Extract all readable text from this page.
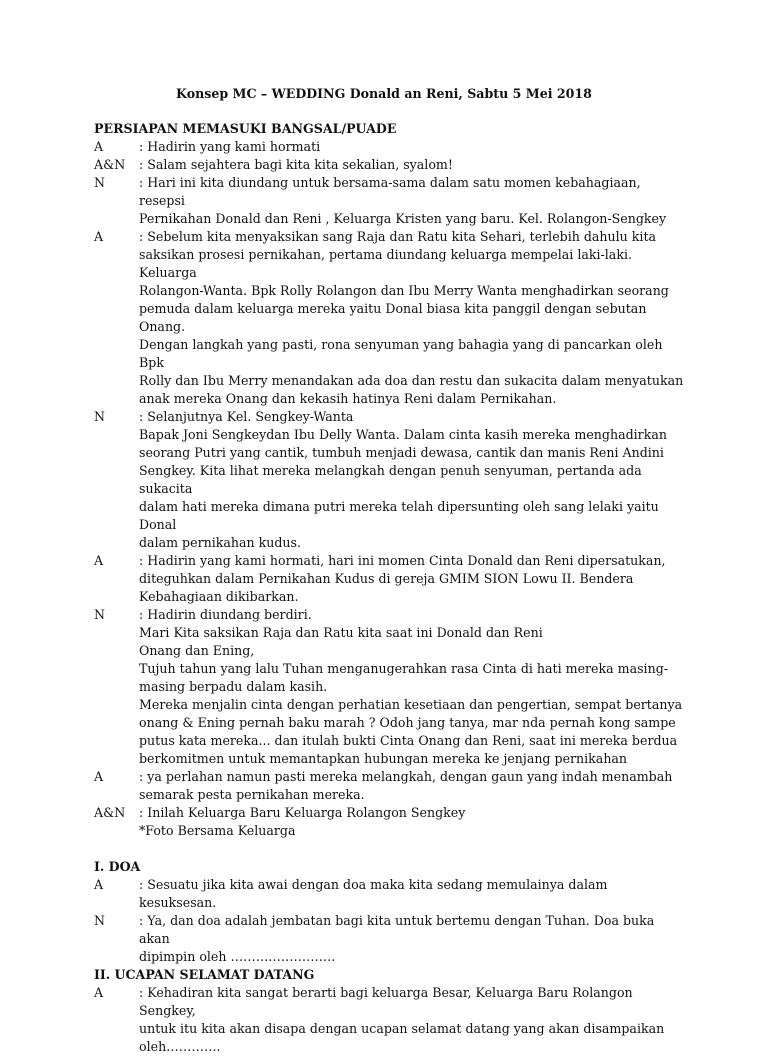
Konsep MC – WEDDING Donald an Reni, Sabtu 5 Mei 2018
PERSIAPAN MEMASUKI BANGSAL/PUADE
A	: Hadirin yang kami hormati
A&N	: Salam sejahtera bagi kita kita sekalian, syalom!
N	: Hari ini kita diundang untuk bersama-sama dalam satu momen kebahagiaan, resepsi
Pernikahan Donald dan Reni , Keluarga Kristen yang baru. Kel. Rolangon-Sengkey
A	: Sebelum kita menyaksikan sang Raja dan Ratu kita Sehari, terlebih dahulu kita
saksikan prosesi pernikahan, pertama diundang keluarga mempelai laki-laki. Keluarga
Rolangon-Wanta. Bpk Rolly Rolangon dan Ibu Merry Wanta menghadirkan seorang
pemuda dalam keluarga mereka yaitu Donal biasa kita panggil dengan sebutan Onang.
Dengan langkah yang pasti, rona senyuman yang bahagia yang di pancarkan oleh Bpk
Rolly dan Ibu Merry menandakan ada doa dan restu dan sukacita dalam menyatukan
anak mereka Onang dan kekasih hatinya Reni dalam Pernikahan.
N	: Selanjutnya Kel. Sengkey-Wanta
Bapak Joni Sengkeydan Ibu Delly Wanta. Dalam cinta kasih mereka menghadirkan
seorang Putri yang cantik, tumbuh menjadi dewasa, cantik dan manis Reni Andini
Sengkey. Kita lihat mereka melangkah dengan penuh senyuman, pertanda ada sukacita
dalam hati mereka dimana putri mereka telah dipersunting oleh sang lelaki yaitu Donal
dalam pernikahan kudus.
A	: Hadirin yang kami hormati, hari ini momen Cinta Donald dan Reni dipersatukan,
diteguhkan dalam Pernikahan Kudus di gereja GMIM SION Lowu II. Bendera
Kebahagiaan dikibarkan.
N	: Hadirin diundang berdiri.
Mari Kita saksikan Raja dan Ratu kita saat ini Donald dan Reni
Onang dan Ening,
Tujuh tahun yang lalu Tuhan menganugerahkan rasa Cinta di hati mereka masing-
masing berpadu dalam kasih.
Mereka menjalin cinta dengan perhatian kesetiaan dan pengertian, sempat bertanya
onang & Ening pernah baku marah ? Odoh jang tanya, mar nda pernah kong sampe
putus kata mereka... dan itulah bukti Cinta Onang dan Reni, saat ini mereka berdua
berkomitmen untuk memantapkan hubungan mereka ke jenjang pernikahan
A	: ya perlahan namun pasti mereka melangkah, dengan gaun yang indah menambah
semarak pesta pernikahan mereka.
A&N	: Inilah Keluarga Baru Keluarga Rolangon Sengkey
*Foto Bersama Keluarga
I. DOA
A	: Sesuatu jika kita awai dengan doa maka kita sedang memulainya dalam kesuksesan.
N	: Ya, dan doa adalah jembatan bagi kita untuk bertemu dengan Tuhan. Doa buka akan
dipimpin oleh …………………….
II. UCAPAN SELAMAT DATANG
A	: Kehadiran kita sangat berarti bagi keluarga Besar, Keluarga Baru Rolangon Sengkey,
untuk itu kita akan disapa dengan ucapan selamat datang yang akan disampaikan
oleh………….
